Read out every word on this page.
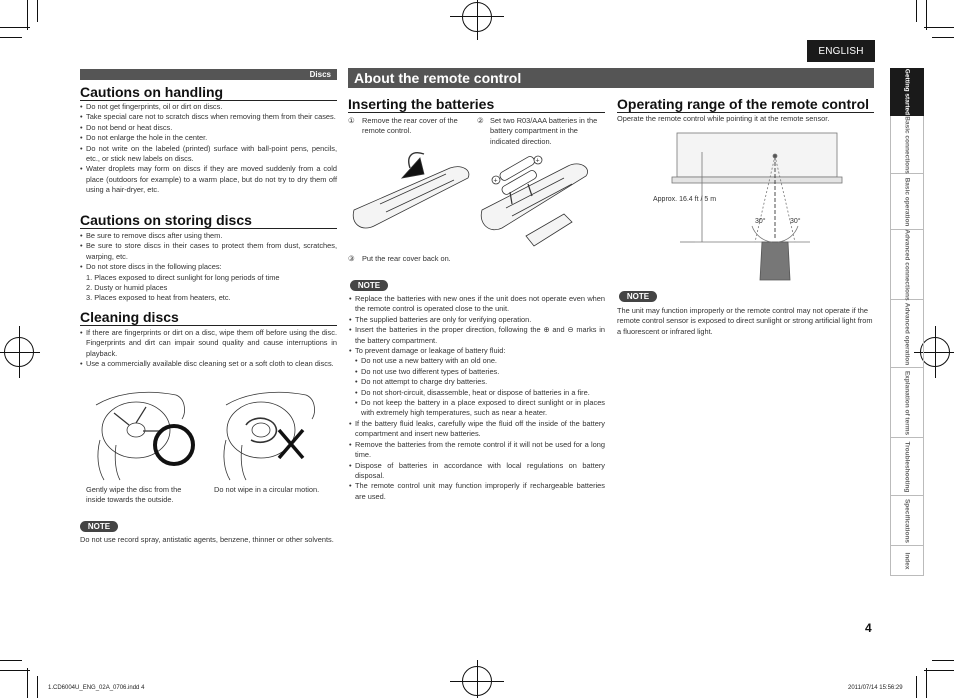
ENGLISH
Discs
Cautions on handling
• Do not get fingerprints, oil or dirt on discs.
• Take special care not to scratch discs when removing them from their cases.
• Do not bend or heat discs.
• Do not enlarge the hole in the center.
• Do not write on the labeled (printed) surface with ball-point pens, pencils, etc., or stick new labels on discs.
• Water droplets may form on discs if they are moved suddenly from a cold place (outdoors for example) to a warm place, but do not try to dry them off using a hair-dryer, etc.
Cautions on storing discs
• Be sure to remove discs after using them.
• Be sure to store discs in their cases to protect them from dust, scratches, warping, etc.
• Do not store discs in the following places:
1. Places exposed to direct sunlight for long periods of time
2. Dusty or humid places
3. Places exposed to heat from heaters, etc.
Cleaning discs
• If there are fingerprints or dirt on a disc, wipe them off before using the disc. Fingerprints and dirt can impair sound quality and cause interruptions in playback.
• Use a commercially available disc cleaning set or a soft cloth to clean discs.
Gently wipe the disc from the inside towards the outside.
Do not wipe in a circular motion.
NOTE
Do not use record spray, antistatic agents, benzene, thinner or other solvents.
About the remote control
Inserting the batteries
① Remove the rear cover of the remote control.
② Set two R03/AAA batteries in the battery compartment in the indicated direction.
+
+
③ Put the rear cover back on.
NOTE
• Replace the batteries with new ones if the unit does not operate even when the remote control is operated close to the unit.
• The supplied batteries are only for verifying operation.
• Insert the batteries in the proper direction, following the ⊕ and ⊖ marks in the battery compartment.
• To prevent damage or leakage of battery fluid:
• Do not use a new battery with an old one.
• Do not use two different types of batteries.
• Do not attempt to charge dry batteries.
• Do not short-circuit, disassemble, heat or dispose of batteries in a fire.
• Do not keep the battery in a place exposed to direct sunlight or in places with extremely high temperatures, such as near a heater.
• If the battery fluid leaks, carefully wipe the fluid off the inside of the battery compartment and insert new batteries.
• Remove the batteries from the remote control if it will not be used for a long time.
• Dispose of batteries in accordance with local regulations on battery disposal.
• The remote control unit may function improperly if rechargeable batteries are used.
Operating range of the remote control
Operate the remote control while pointing it at the remote sensor.
Approx. 16.4 ft / 5 m
30°	30°
NOTE
The unit may function improperly or the remote control may not operate if the remote control sensor is exposed to direct sunlight or strong artificial light from a fluorescent or infrared light.
Getting started
Basic connections
Basic operation
Advanced connections
Advanced operation
Explanation of terms
Troubleshooting
Specifications
Index
4
1.CD6004U_ENG_02A_0706.indd 4	2011/07/14 15:56:29
